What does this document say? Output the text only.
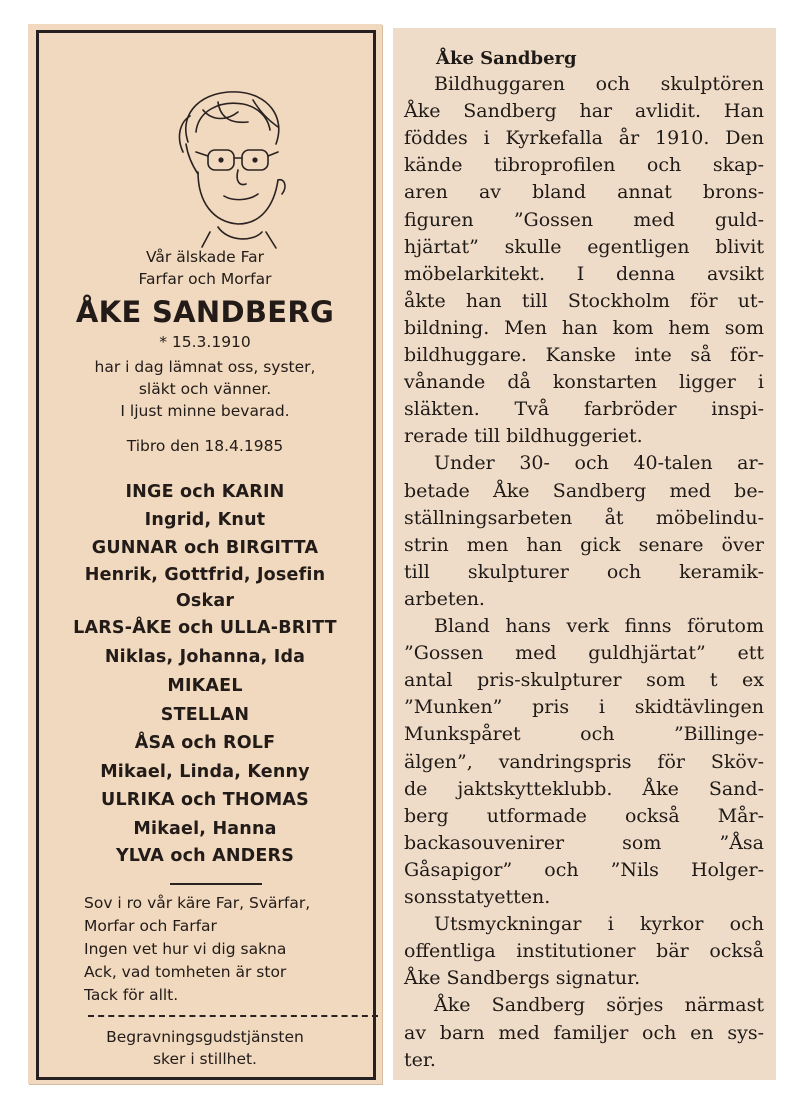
Vår älskade Far
Farfar och Morfar
ÅKE SANDBERG
* 15.3.1910
har i dag lämnat oss, syster,
släkt och vänner.
I ljust minne bevarad.
Tibro den 18.4.1985
INGE och KARIN
Ingrid, Knut
GUNNAR och BIRGITTA
Henrik, Gottfrid, Josefin
Oskar
LARS-ÅKE och ULLA-BRITT
Niklas, Johanna, Ida
MIKAEL
STELLAN
ÅSA och ROLF
Mikael, Linda, Kenny
ULRIKA och THOMAS
Mikael, Hanna
YLVA och ANDERS
Sov i ro vår käre Far, Svärfar,
Morfar och Farfar
Ingen vet hur vi dig sakna
Ack, vad tomheten är stor
Tack för allt.
Begravningsgudstjänsten
sker i stillhet.
Åke Sandberg
Bildhuggaren och skulptören
Åke Sandberg har avlidit. Han
föddes i Kyrkefalla år 1910. Den
kände tibroprofilen och skap-
aren av bland annat brons-
figuren ”Gossen med guld-
hjärtat” skulle egentligen blivit
möbelarkitekt. I denna avsikt
åkte han till Stockholm för ut-
bildning. Men han kom hem som
bildhuggare. Kanske inte så för-
vånande då konstarten ligger i
släkten. Två farbröder inspi-
rerade till bildhuggeriet.
Under 30- och 40-talen ar-
betade Åke Sandberg med be-
ställningsarbeten åt möbelindu-
strin men han gick senare över
till skulpturer och keramik-
arbeten.
Bland hans verk finns förutom
”Gossen med guldhjärtat” ett
antal pris-skulpturer som t ex
”Munken” pris i skidtävlingen
Munkspåret och ”Billinge-
älgen”, vandringspris för Sköv-
de jaktskytteklubb. Åke Sand-
berg utformade också Mår-
backasouvenirer som ”Åsa
Gåsapigor” och ”Nils Holger-
sonsstatyetten.
Utsmyckningar i kyrkor och
offentliga institutioner bär också
Åke Sandbergs signatur.
Åke Sandberg sörjes närmast
av barn med familjer och en sys-
ter.
